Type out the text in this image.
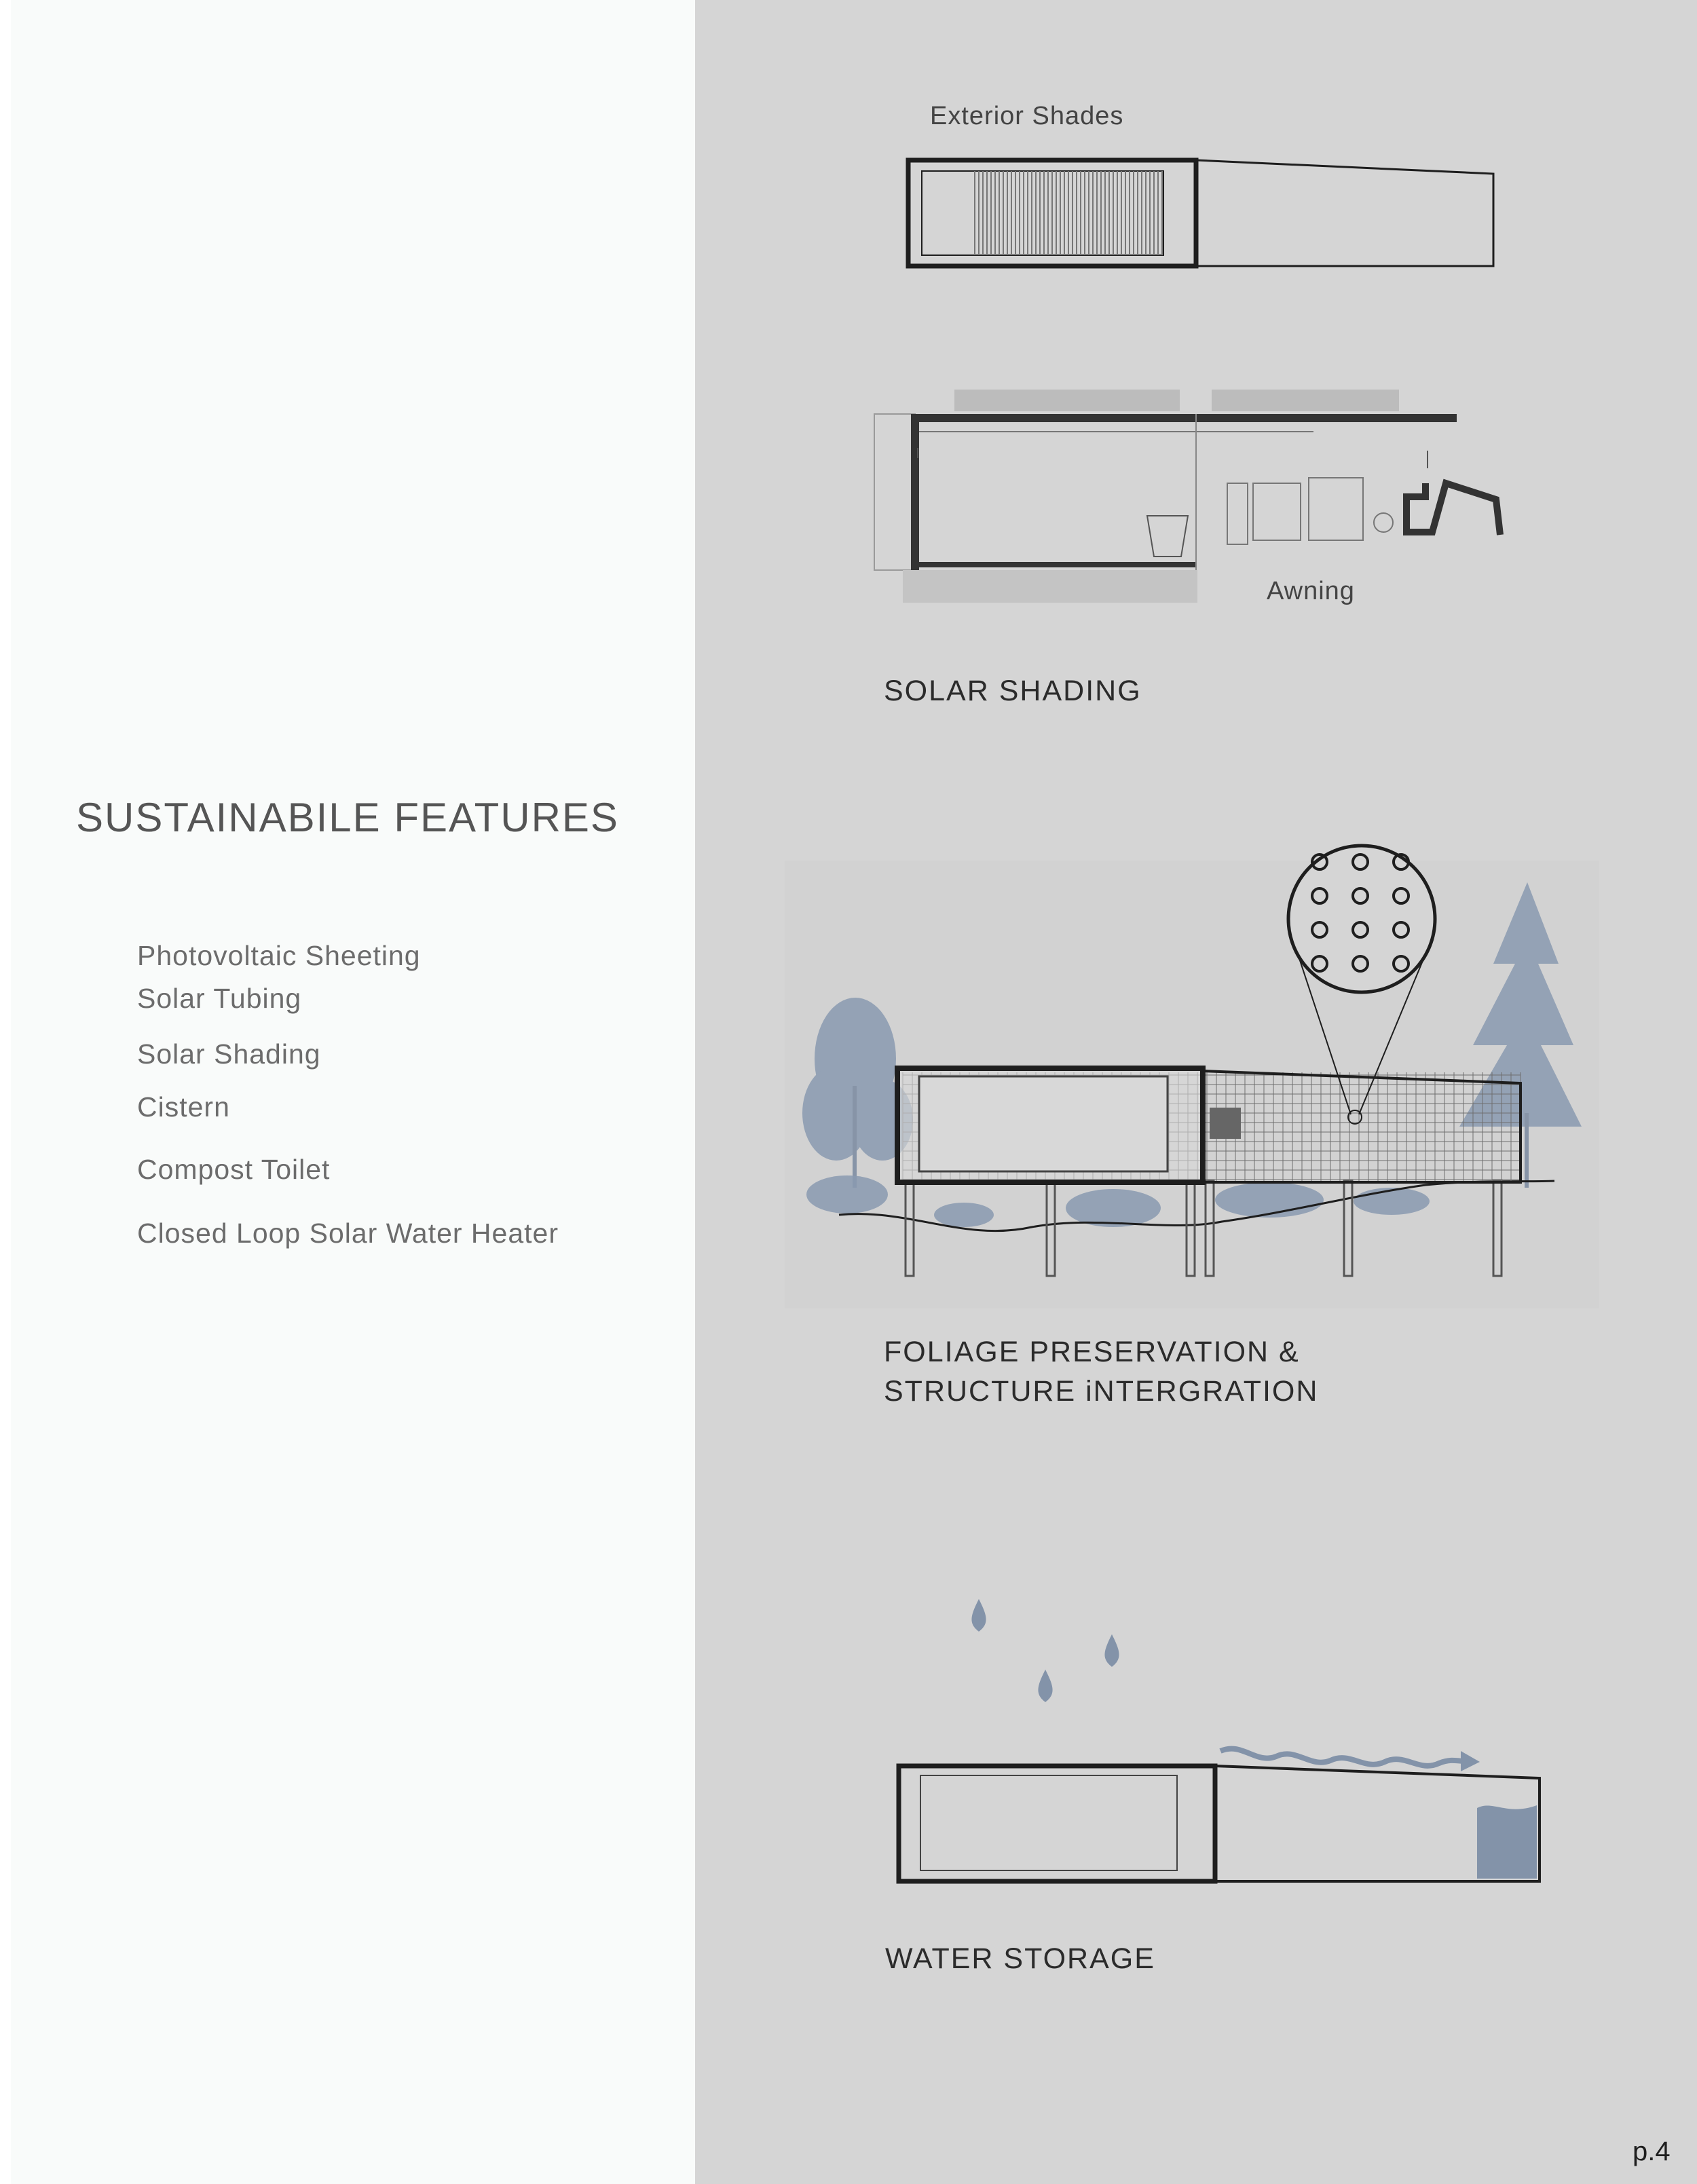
SUSTAINABILE FEATURES
Photovoltaic Sheeting
Solar Tubing
Solar Shading
Cistern
Compost Toilet
Closed Loop Solar Water Heater
Exterior Shades
Awning
SOLAR SHADING
FOLIAGE PRESERVATION &
STRUCTURE iNTERGRATION
WATER STORAGE
p.4
